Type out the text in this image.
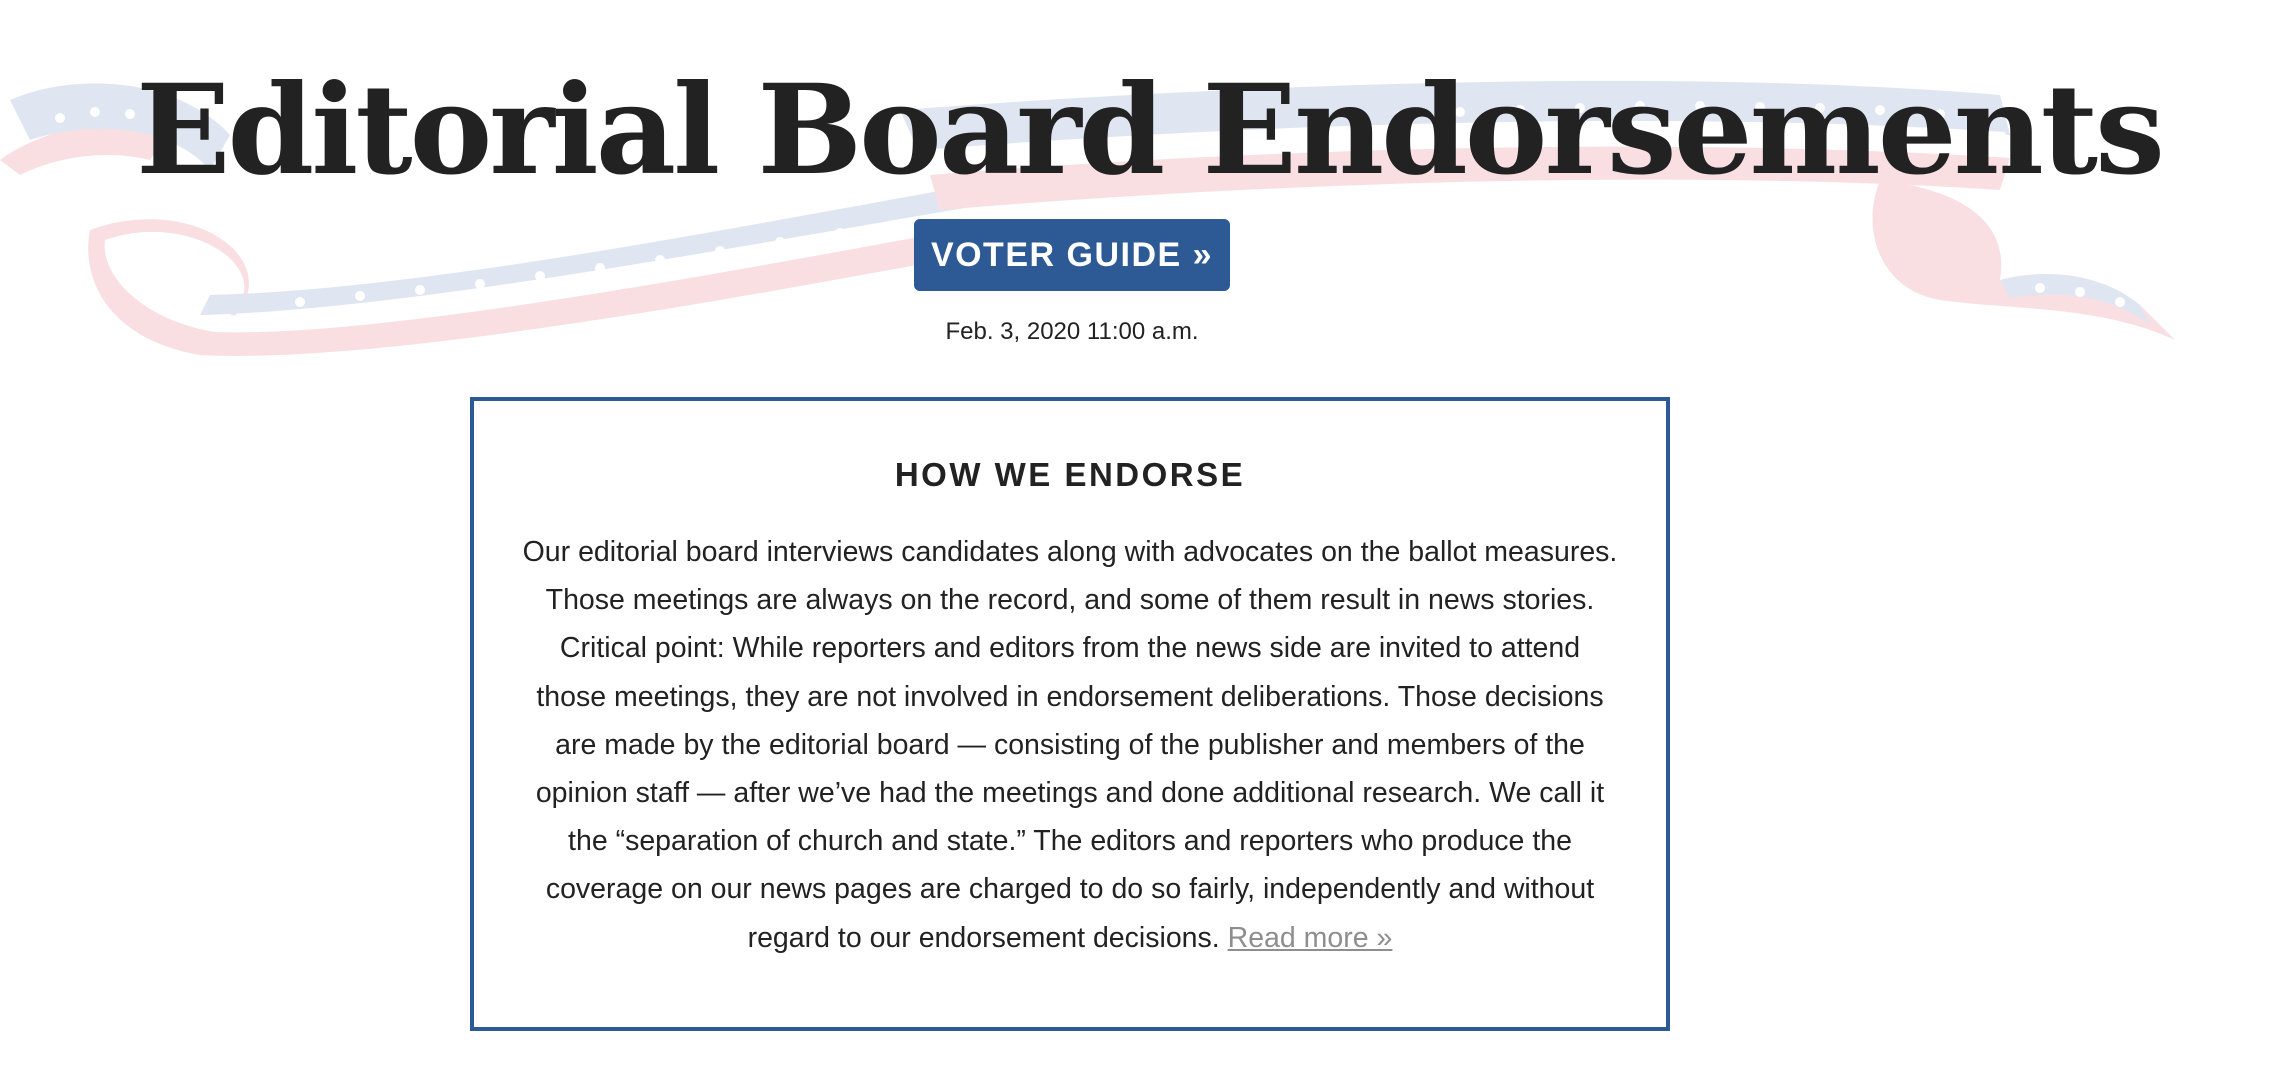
Editorial Board Endorsements
VOTER GUIDE »
Feb. 3, 2020 11:00 a.m.
HOW WE ENDORSE

Our editorial board interviews candidates along with advocates on the ballot measures.
Those meetings are always on the record, and some of them result in news stories.
Critical point: While reporters and editors from the news side are invited to attend
those meetings, they are not involved in endorsement deliberations. Those decisions
are made by the editorial board — consisting of the publisher and members of the
opinion staff — after we’ve had the meetings and done additional research. We call it
the “separation of church and state.” The editors and reporters who produce the
coverage on our news pages are charged to do so fairly, independently and without
regard to our endorsement decisions. Read more »
